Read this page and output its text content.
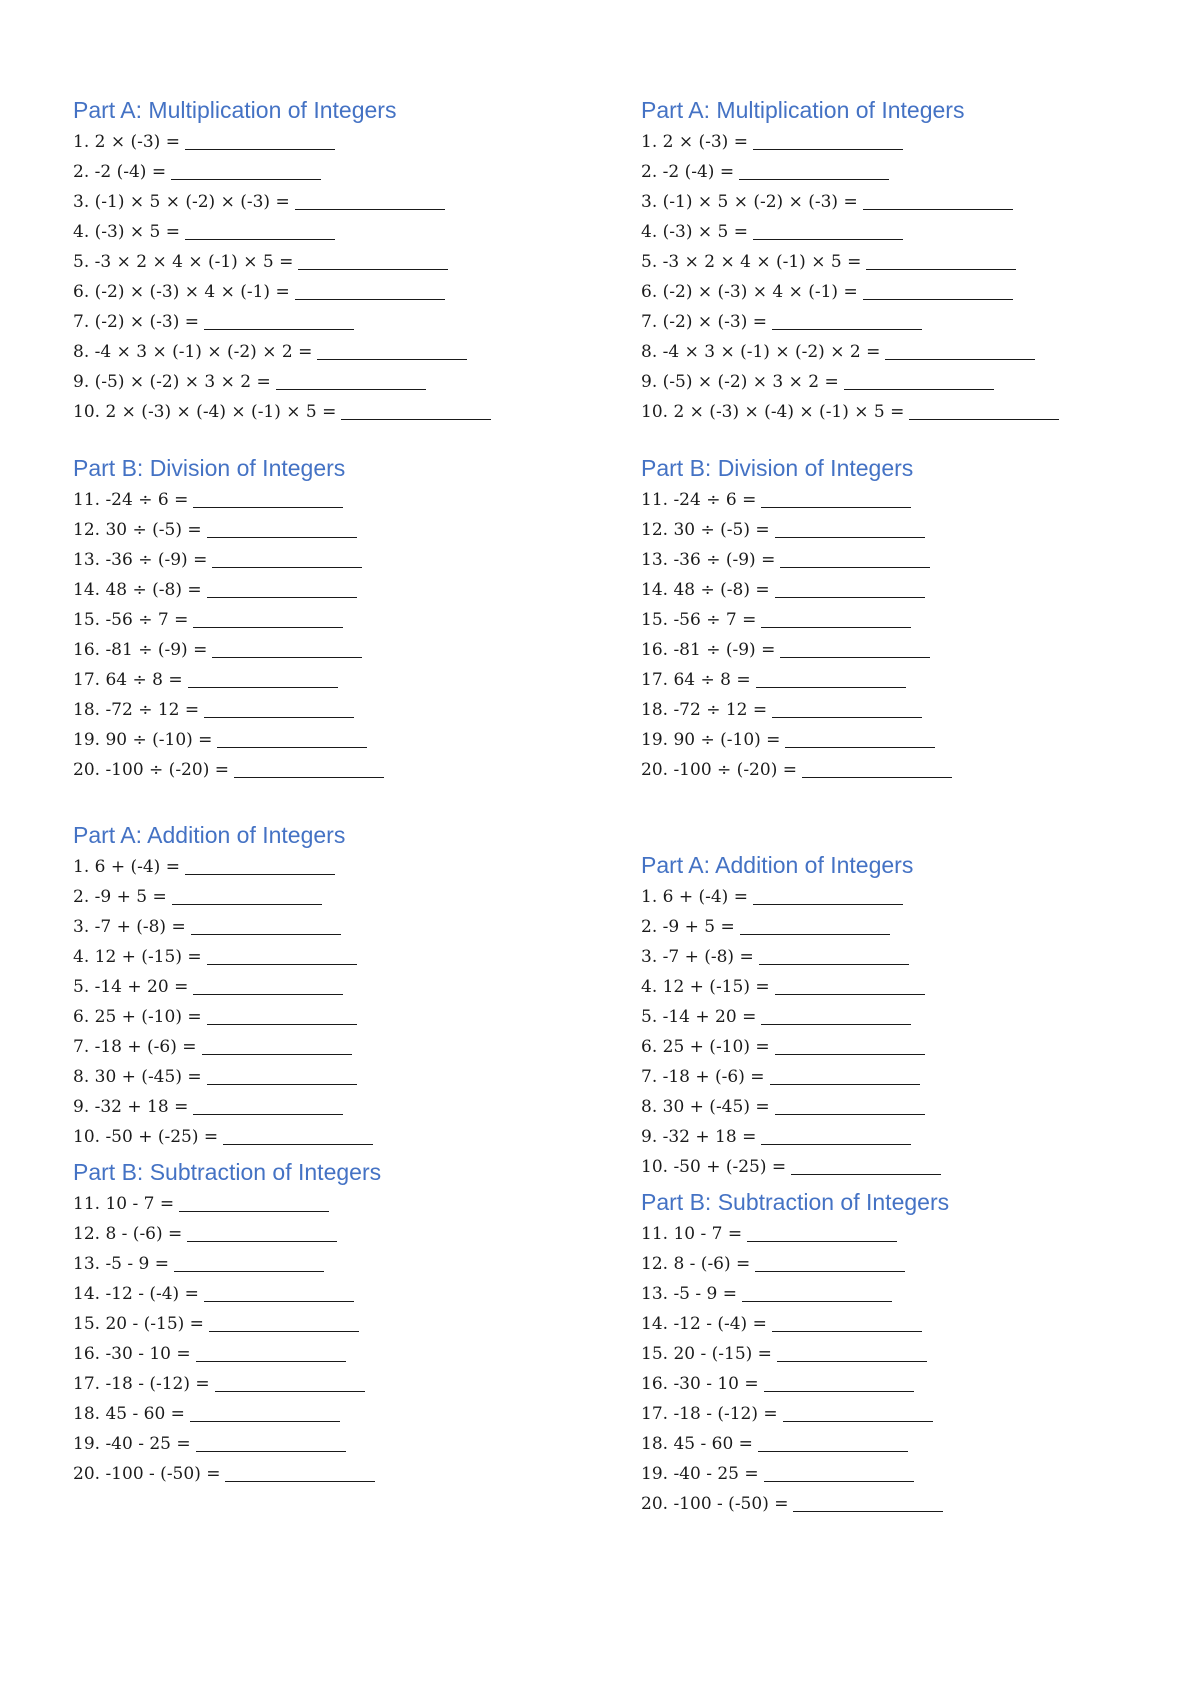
Part A: Multiplication of Integers
1. 2 × (-3) =
2. -2 (-4) =
3. (-1) × 5 × (-2) × (-3) =
4. (-3) × 5 =
5. -3 × 2 × 4 × (-1) × 5 =
6. (-2) × (-3) × 4 × (-1) =
7. (-2) × (-3) =
8. -4 × 3 × (-1) × (-2) × 2 =
9. (-5) × (-2) × 3 × 2 =
10. 2 × (-3) × (-4) × (-1) × 5 =
Part B: Division of Integers
11. -24 ÷ 6 =
12. 30 ÷ (-5) =
13. -36 ÷ (-9) =
14. 48 ÷ (-8) =
15. -56 ÷ 7 =
16. -81 ÷ (-9) =
17. 64 ÷ 8 =
18. -72 ÷ 12 =
19. 90 ÷ (-10) =
20. -100 ÷ (-20) =
Part A: Addition of Integers
1. 6 + (-4) =
2. -9 + 5 =
3. -7 + (-8) =
4. 12 + (-15) =
5. -14 + 20 =
6. 25 + (-10) =
7. -18 + (-6) =
8. 30 + (-45) =
9. -32 + 18 =
10. -50 + (-25) =
Part B: Subtraction of Integers
11. 10 - 7 =
12. 8 - (-6) =
13. -5 - 9 =
14. -12 - (-4) =
15. 20 - (-15) =
16. -30 - 10 =
17. -18 - (-12) =
18. 45 - 60 =
19. -40 - 25 =
20. -100 - (-50) =
Part A: Multiplication of Integers
1. 2 × (-3) =
2. -2 (-4) =
3. (-1) × 5 × (-2) × (-3) =
4. (-3) × 5 =
5. -3 × 2 × 4 × (-1) × 5 =
6. (-2) × (-3) × 4 × (-1) =
7. (-2) × (-3) =
8. -4 × 3 × (-1) × (-2) × 2 =
9. (-5) × (-2) × 3 × 2 =
10. 2 × (-3) × (-4) × (-1) × 5 =
Part B: Division of Integers
11. -24 ÷ 6 =
12. 30 ÷ (-5) =
13. -36 ÷ (-9) =
14. 48 ÷ (-8) =
15. -56 ÷ 7 =
16. -81 ÷ (-9) =
17. 64 ÷ 8 =
18. -72 ÷ 12 =
19. 90 ÷ (-10) =
20. -100 ÷ (-20) =
Part A: Addition of Integers
1. 6 + (-4) =
2. -9 + 5 =
3. -7 + (-8) =
4. 12 + (-15) =
5. -14 + 20 =
6. 25 + (-10) =
7. -18 + (-6) =
8. 30 + (-45) =
9. -32 + 18 =
10. -50 + (-25) =
Part B: Subtraction of Integers
11. 10 - 7 =
12. 8 - (-6) =
13. -5 - 9 =
14. -12 - (-4) =
15. 20 - (-15) =
16. -30 - 10 =
17. -18 - (-12) =
18. 45 - 60 =
19. -40 - 25 =
20. -100 - (-50) =
